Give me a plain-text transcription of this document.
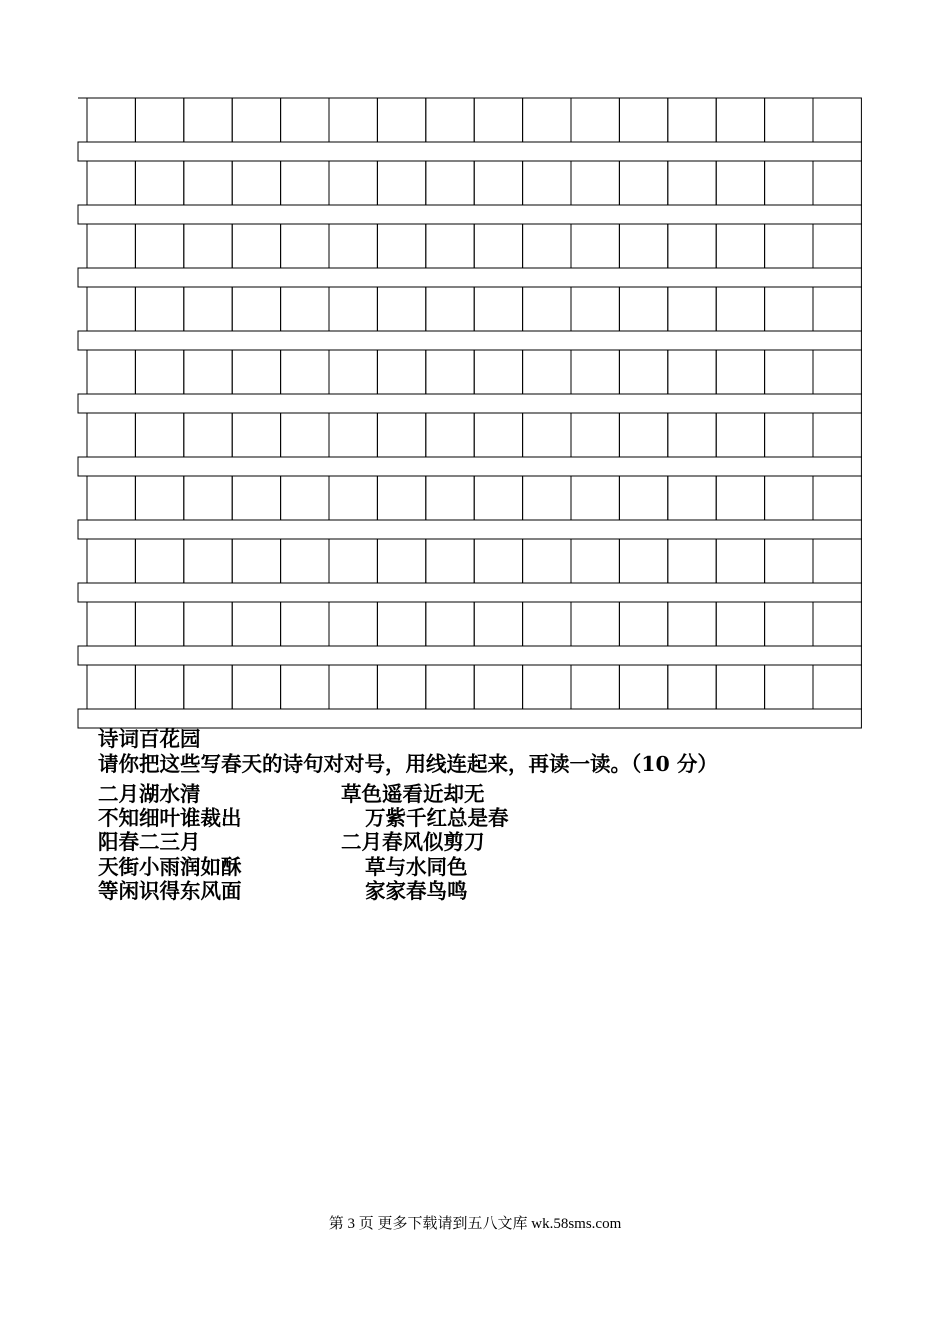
诗词百花园
请你把这些写春天的诗句对对号，用线连起来，再读一读。（10 分）
二月湖水清
不知细叶谁裁出
阳春二三月
天街小雨润如酥
等闲识得东风面
草色遥看近却无
万紫千红总是春
二月春风似剪刀
草与水同色
家家春鸟鸣
第 3 页 更多下载请到五八文库 wk.58sms.com
